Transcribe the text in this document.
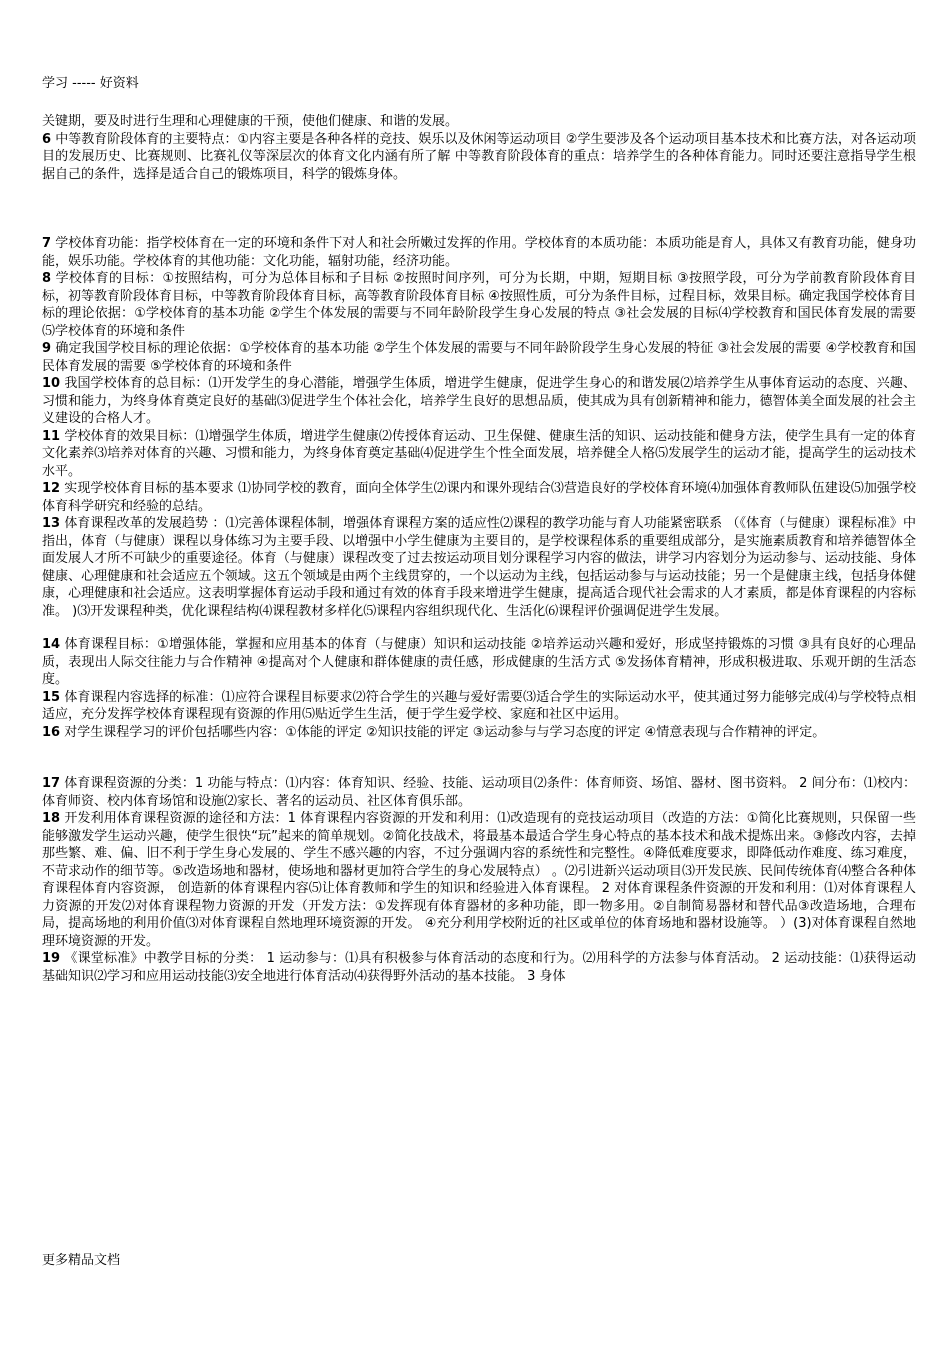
学习 ----- 好资料

关键期，要及时进行生理和心理健康的干预，使他们健康、和谐的发展。

6 中等教育阶段体育的主要特点：①内容主要是各种各样的竞技、娱乐以及休闲等运动项目 ②学生要涉及各个运动项目基本技术和比赛方法，对各运动项目的发展历史、比赛规则、比赛礼仪等深层次的体育文化内涵有所了解 中等教育阶段体育的重点：培养学生的各种体育能力。同时还要注意指导学生根据自己的条件，选择是适合自己的锻炼项目，科学的锻炼身体。

7 学校体育功能：指学校体育在一定的环境和条件下对人和社会所嫩过发挥的作用。学校体育的本质功能：本质功能是育人，具体又有教育功能，健身功能，娱乐功能。学校体育的其他功能：文化功能，辐射功能，经济功能。

8 学校体育的目标：①按照结构，可分为总体目标和子目标 ②按照时间序列，可分为长期，中期，短期目标 ③按照学段，可分为学前教育阶段体育目标，初等教育阶段体育目标，中等教育阶段体育目标，高等教育阶段体育目标 ④按照性质，可分为条件目标，过程目标，效果目标。确定我国学校体育目标的理论依据：①学校体育的基本功能 ②学生个体发展的需要与不同年龄阶段学生身心发展的特点 ③社会发展的目标⑷学校教育和国民体育发展的需要⑸学校体育的环境和条件

9 确定我国学校目标的理论依据：①学校体育的基本功能 ②学生个体发展的需要与不同年龄阶段学生身心发展的特征 ③社会发展的需要 ④学校教育和国民体育发展的需要 ⑤学校体育的环境和条件

10 我国学校体育的总目标：⑴开发学生的身心潜能，增强学生体质，增进学生健康，促进学生身心的和谐发展⑵培养学生从事体育运动的态度、兴趣、习惯和能力，为终身体育奠定良好的基础⑶促进学生个体社会化，培养学生良好的思想品质，使其成为具有创新精神和能力，德智体美全面发展的社会主义建设的合格人才。

11 学校体育的效果目标：⑴增强学生体质，增进学生健康⑵传授体育运动、卫生保健、健康生活的知识、运动技能和健身方法，使学生具有一定的体育文化素养⑶培养对体育的兴趣、习惯和能力，为终身体育奠定基础⑷促进学生个性全面发展，培养健全人格⑸发展学生的运动才能，提高学生的运动技术水平。

12 实现学校体育目标的基本要求 ⑴协同学校的教育，面向全体学生⑵课内和课外现结合⑶营造良好的学校体育环境⑷加强体育教师队伍建设⑸加强学校体育科学研究和经验的总结。

13 体育课程改革的发展趋势 ：⑴完善体课程体制，增强体育课程方案的适应性⑵课程的教学功能与育人功能紧密联系 （《体育（与健康）课程标准》中指出，体育（与健康）课程以身体练习为主要手段、以增强中小学生健康为主要目的，是学校课程体系的重要组成部分，是实施素质教育和培养德智体全面发展人才所不可缺少的重要途径。体育（与健康）课程改变了过去按运动项目划分课程学习内容的做法，讲学习内容划分为运动参与、运动技能、身体健康、心理健康和社会适应五个领域。这五个领域是由两个主线贯穿的，一个以运动为主线，包括运动参与与运动技能；另一个是健康主线，包括身体健康，心理健康和社会适应。这表明掌握体育运动手段和通过有效的体育手段来增进学生健康，提高适合现代社会需求的人才素质，都是体育课程的内容标准。 )⑶开发课程种类，优化课程结构⑷课程教材多样化⑸课程内容组织现代化、生活化⑹课程评价强调促进学生发展。

14 体育课程目标：①增强体能，掌握和应用基本的体育（与健康）知识和运动技能 ②培养运动兴趣和爱好，形成坚持锻炼的习惯 ③具有良好的心理品质，表现出人际交往能力与合作精神 ④提高对个人健康和群体健康的责任感，形成健康的生活方式 ⑤发扬体育精神，形成积极进取、乐观开朗的生活态度。

15 体育课程内容选择的标准：⑴应符合课程目标要求⑵符合学生的兴趣与爱好需要⑶适合学生的实际运动水平，使其通过努力能够完成⑷与学校特点相适应，充分发挥学校体育课程现有资源的作用⑸贴近学生生活，便于学生爱学校、家庭和社区中运用。

16 对学生课程学习的评价包括哪些内容：①体能的评定 ②知识技能的评定 ③运动参与与学习态度的评定 ④情意表现与合作精神的评定。

17 体育课程资源的分类：1 功能与特点：⑴内容：体育知识、经验、技能、运动项目⑵条件：体育师资、场馆、器材、图书资料。 2 间分布：⑴校内：体育师资、校内体育场馆和设施⑵家长、著名的运动员、社区体育俱乐部。

18 开发利用体育课程资源的途径和方法：1 体育课程内容资源的开发和利用：⑴改造现有的竞技运动项目（改造的方法：①简化比赛规则，只保留一些能够激发学生运动兴趣，使学生很快“玩”起来的简单规划。②简化技战术，将最基本最适合学生身心特点的基本技术和战术提炼出来。③修改内容，去掉那些繁、难、偏、旧不利于学生身心发展的、学生不感兴趣的内容，不过分强调内容的系统性和完整性。④降低难度要求，即降低动作难度、练习难度，不苛求动作的细节等。⑤改造场地和器材，使场地和器材更加符合学生的身心发展特点） 。⑵引进新兴运动项目⑶开发民族、民间传统体育⑷整合各种体育课程体育内容资源， 创造新的体育课程内容⑸让体育教师和学生的知识和经验进入体育课程。 2 对体育课程条件资源的开发和利用：⑴对体育课程人力资源的开发⑵对体育课程物力资源的开发（开发方法：①发挥现有体育器材的多种功能，即一物多用。②自制简易器材和替代品③改造场地，合理布局，提高场地的利用价值⑶对体育课程自然地理环境资源的开发。 ④充分利用学校附近的社区或单位的体育场地和器材设施等。 ）(3)对体育课程自然地理环境资源的开发。

19 《课堂标准》中教学目标的分类： 1 运动参与：⑴具有积极参与体育活动的态度和行为。⑵用科学的方法参与体育活动。 2 运动技能：⑴获得运动基础知识⑵学习和应用运动技能⑶安全地进行体育活动⑷获得野外活动的基本技能。 3 身体

更多精品文档
